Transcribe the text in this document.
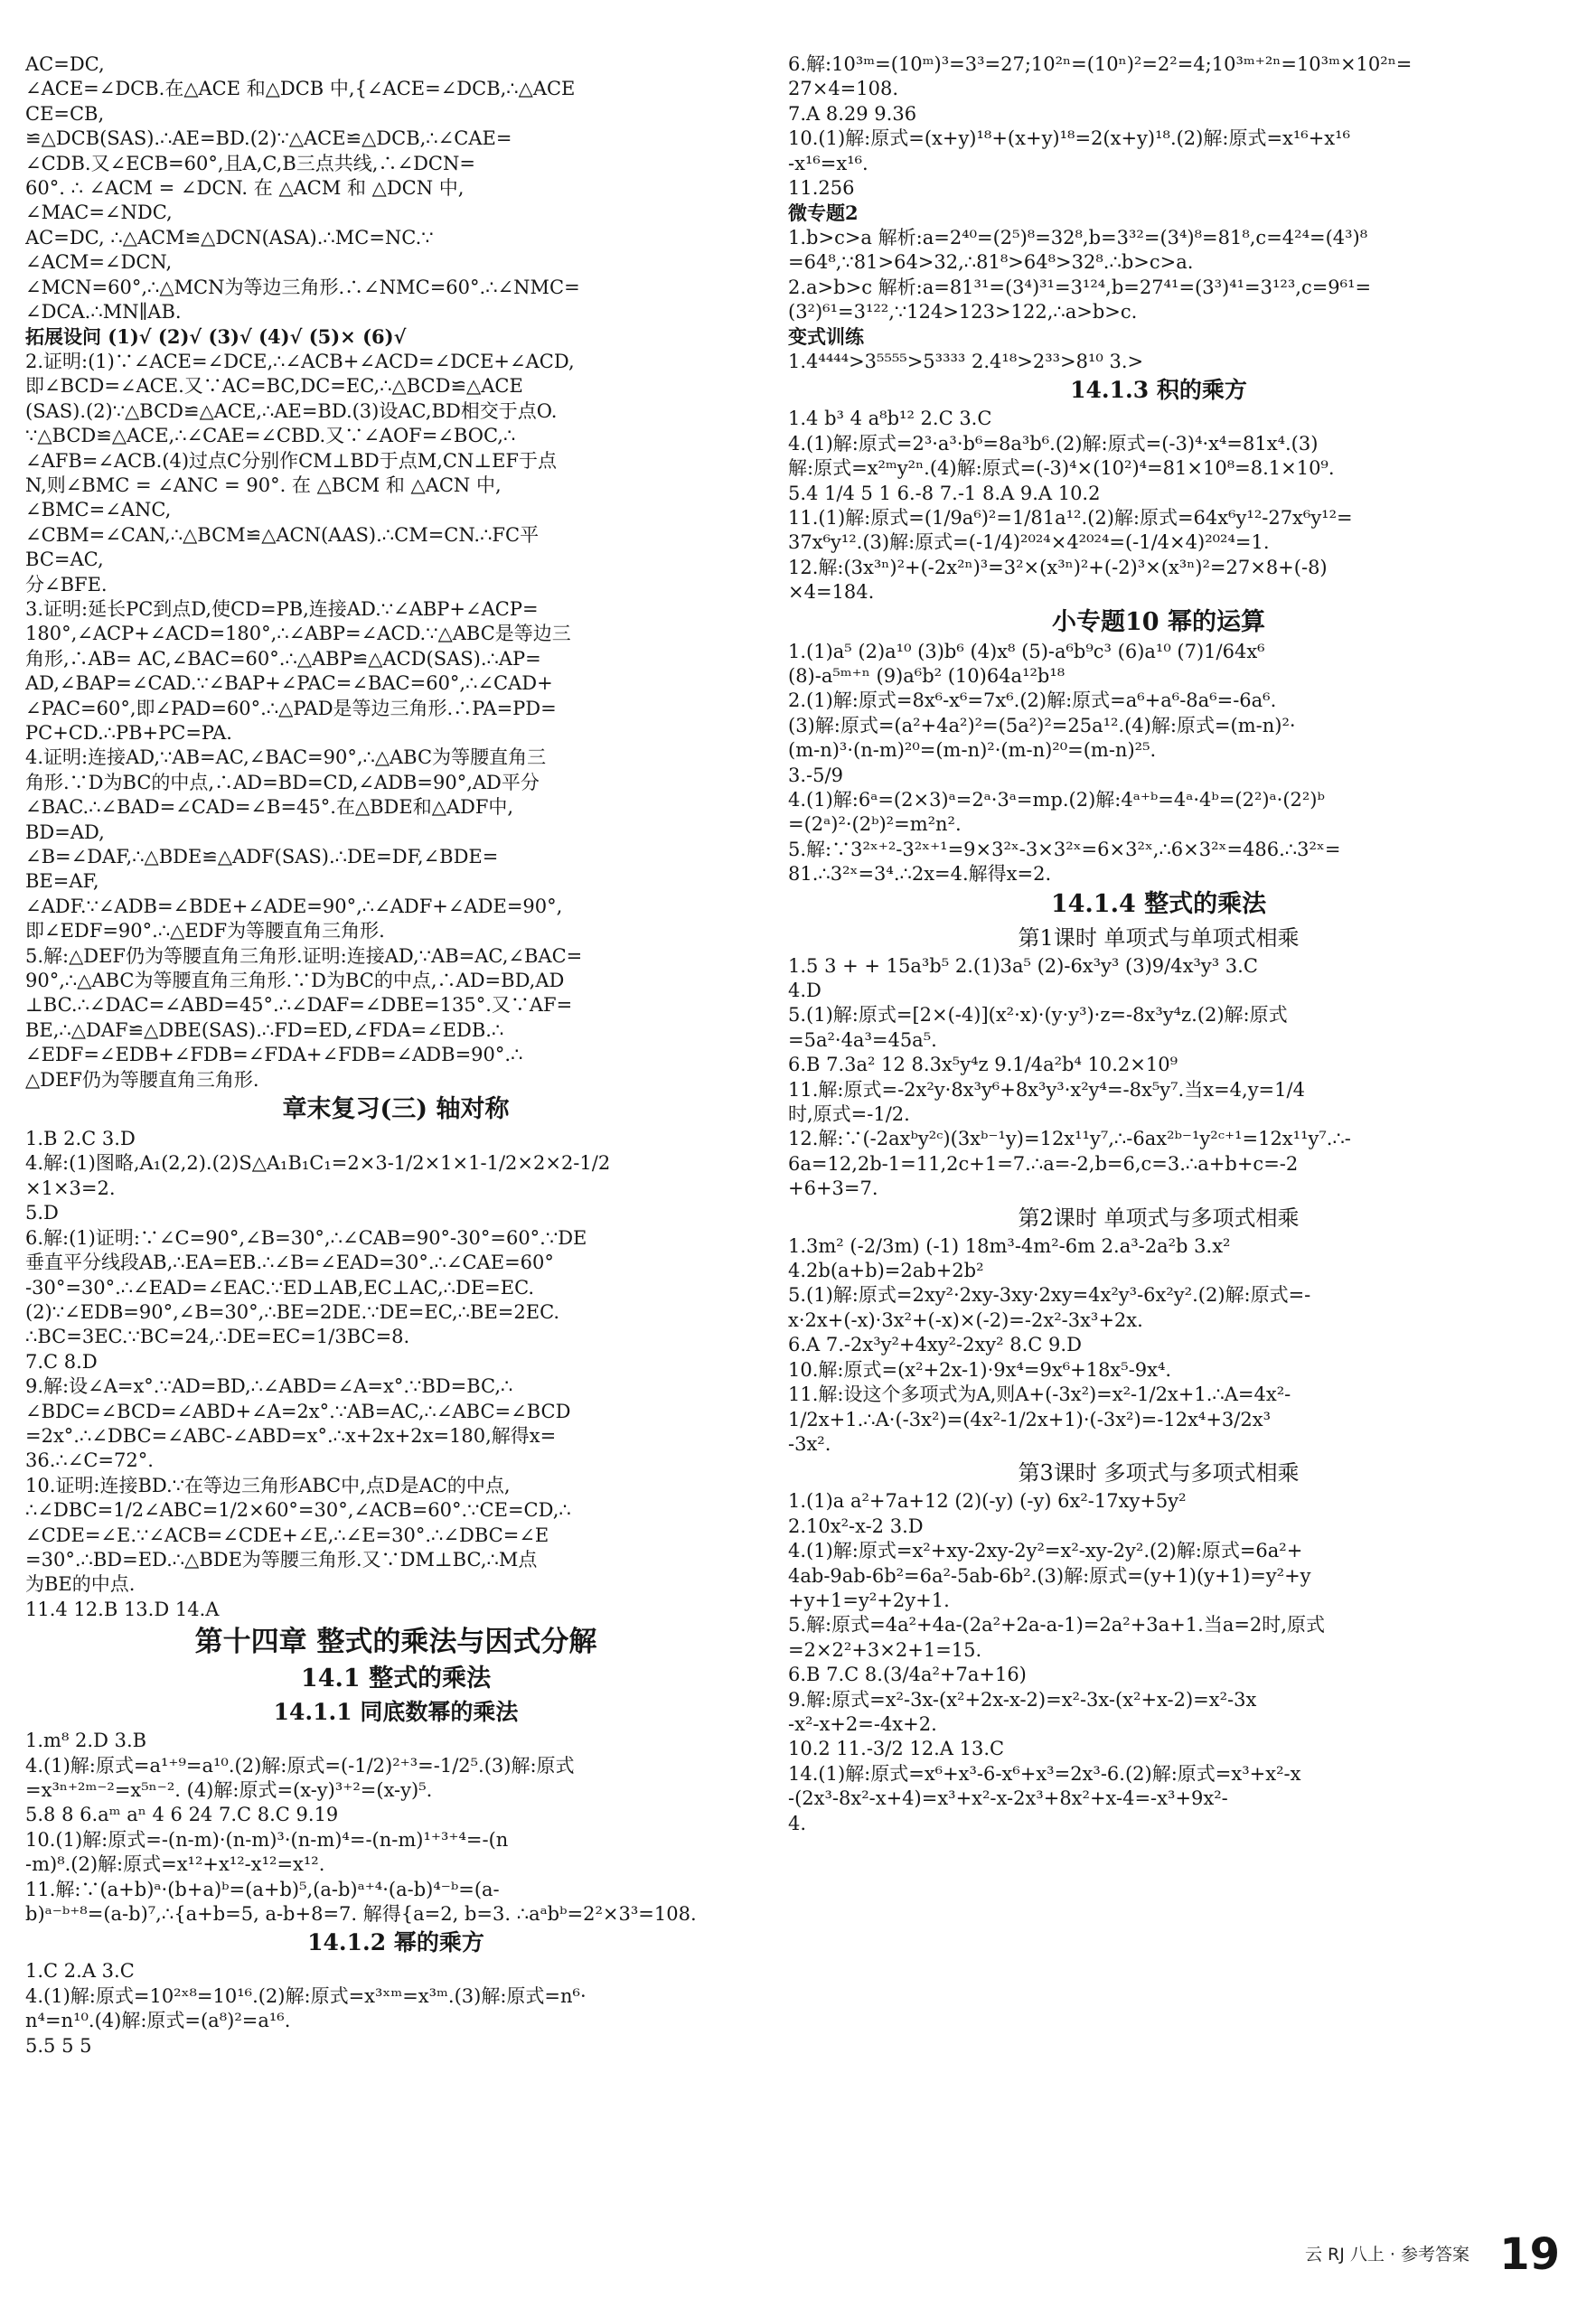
AC=DC,
∠ACE=∠DCB.在△ACE 和△DCB 中,{∠ACE=∠DCB,∴△ACE
CE=CB,
≌△DCB(SAS).∴AE=BD.(2)∵△ACE≌△DCB,∴∠CAE=
∠CDB.又∠ECB=60°,且A,C,B三点共线,∴∠DCN=
60°. ∴ ∠ACM = ∠DCN. 在 △ACM 和 △DCN 中,
∠MAC=∠NDC,
AC=DC, ∴△ACM≌△DCN(ASA).∴MC=NC.∵
∠ACM=∠DCN,
∠MCN=60°,∴△MCN为等边三角形.∴∠NMC=60°.∴∠NMC=
∠DCA.∴MN∥AB.
拓展设问 (1)√ (2)√ (3)√ (4)√ (5)× (6)√
2.证明:(1)∵∠ACE=∠DCE,∴∠ACB+∠ACD=∠DCE+∠ACD,
即∠BCD=∠ACE.又∵AC=BC,DC=EC,∴△BCD≌△ACE
(SAS).(2)∵△BCD≌△ACE,∴AE=BD.(3)设AC,BD相交于点O.
∵△BCD≌△ACE,∴∠CAE=∠CBD.又∵∠AOF=∠BOC,∴
∠AFB=∠ACB.(4)过点C分别作CM⊥BD于点M,CN⊥EF于点
N,则∠BMC = ∠ANC = 90°. 在 △BCM 和 △ACN 中,
∠BMC=∠ANC,
∠CBM=∠CAN,∴△BCM≌△ACN(AAS).∴CM=CN.∴FC平
BC=AC,
分∠BFE.
3.证明:延长PC到点D,使CD=PB,连接AD.∵∠ABP+∠ACP=
180°,∠ACP+∠ACD=180°,∴∠ABP=∠ACD.∵△ABC是等边三
角形,∴AB= AC,∠BAC=60°.∴△ABP≌△ACD(SAS).∴AP=
AD,∠BAP=∠CAD.∵∠BAP+∠PAC=∠BAC=60°,∴∠CAD+
∠PAC=60°,即∠PAD=60°.∴△PAD是等边三角形.∴PA=PD=
PC+CD.∴PB+PC=PA.
4.证明:连接AD,∵AB=AC,∠BAC=90°,∴△ABC为等腰直角三
角形.∵D为BC的中点,∴AD=BD=CD,∠ADB=90°,AD平分
∠BAC.∴∠BAD=∠CAD=∠B=45°.在△BDE和△ADF中,
BD=AD,
∠B=∠DAF,∴△BDE≌△ADF(SAS).∴DE=DF,∠BDE=
BE=AF,
∠ADF.∵∠ADB=∠BDE+∠ADE=90°,∴∠ADF+∠ADE=90°,
即∠EDF=90°.∴△EDF为等腰直角三角形.
5.解:△DEF仍为等腰直角三角形.证明:连接AD,∵AB=AC,∠BAC=
90°,∴△ABC为等腰直角三角形.∵D为BC的中点,∴AD=BD,AD
⊥BC.∴∠DAC=∠ABD=45°.∴∠DAF=∠DBE=135°.又∵AF=
BE,∴△DAF≌△DBE(SAS).∴FD=ED,∠FDA=∠EDB.∴
∠EDF=∠EDB+∠FDB=∠FDA+∠FDB=∠ADB=90°.∴
△DEF仍为等腰直角三角形.
章末复习(三) 轴对称
1.B 2.C 3.D
4.解:(1)图略,A₁(2,2).(2)S△A₁B₁C₁=2×3-1/2×1×1-1/2×2×2-1/2
×1×3=2.
5.D
6.解:(1)证明:∵∠C=90°,∠B=30°,∴∠CAB=90°-30°=60°.∵DE
垂直平分线段AB,∴EA=EB.∴∠B=∠EAD=30°.∴∠CAE=60°
-30°=30°.∴∠EAD=∠EAC.∵ED⊥AB,EC⊥AC,∴DE=EC.
(2)∵∠EDB=90°,∠B=30°,∴BE=2DE.∵DE=EC,∴BE=2EC.
∴BC=3EC.∵BC=24,∴DE=EC=1/3BC=8.
7.C 8.D
9.解:设∠A=x°.∵AD=BD,∴∠ABD=∠A=x°.∵BD=BC,∴
∠BDC=∠BCD=∠ABD+∠A=2x°.∵AB=AC,∴∠ABC=∠BCD
=2x°.∴∠DBC=∠ABC-∠ABD=x°.∴x+2x+2x=180,解得x=
36.∴∠C=72°.
10.证明:连接BD.∵在等边三角形ABC中,点D是AC的中点,
∴∠DBC=1/2∠ABC=1/2×60°=30°,∠ACB=60°.∵CE=CD,∴
∠CDE=∠E.∵∠ACB=∠CDE+∠E,∴∠E=30°.∴∠DBC=∠E
=30°.∴BD=ED.∴△BDE为等腰三角形.又∵DM⊥BC,∴M点
为BE的中点.
11.4 12.B 13.D 14.A
第十四章 整式的乘法与因式分解
14.1 整式的乘法
14.1.1 同底数幂的乘法
1.m⁸ 2.D 3.B
4.(1)解:原式=a¹⁺⁹=a¹⁰.(2)解:原式=(-1/2)²⁺³=-1/2⁵.(3)解:原式
=x³ⁿ⁺²ᵐ⁻²=x⁵ⁿ⁻². (4)解:原式=(x-y)³⁺²=(x-y)⁵.
5.8 8 6.aᵐ aⁿ 4 6 24 7.C 8.C 9.19
10.(1)解:原式=-(n-m)·(n-m)³·(n-m)⁴=-(n-m)¹⁺³⁺⁴=-(n
-m)⁸.(2)解:原式=x¹²+x¹²-x¹²=x¹².
11.解:∵(a+b)ᵃ·(b+a)ᵇ=(a+b)⁵,(a-b)ᵃ⁺⁴·(a-b)⁴⁻ᵇ=(a-
b)ᵃ⁻ᵇ⁺⁸=(a-b)⁷,∴{a+b=5, a-b+8=7. 解得{a=2, b=3. ∴aᵃbᵇ=2²×3³=108.
14.1.2 幂的乘方
1.C 2.A 3.C
4.(1)解:原式=10²ˣ⁸=10¹⁶.(2)解:原式=x³ˣᵐ=x³ᵐ.(3)解:原式=n⁶·
n⁴=n¹⁰.(4)解:原式=(a⁸)²=a¹⁶.
5.5 5 5
6.解:10³ᵐ=(10ᵐ)³=3³=27;10²ⁿ=(10ⁿ)²=2²=4;10³ᵐ⁺²ⁿ=10³ᵐ×10²ⁿ=
27×4=108.
7.A 8.29 9.36
10.(1)解:原式=(x+y)¹⁸+(x+y)¹⁸=2(x+y)¹⁸.(2)解:原式=x¹⁶+x¹⁶
-x¹⁶=x¹⁶.
11.256
微专题2
1.b>c>a 解析:a=2⁴⁰=(2⁵)⁸=32⁸,b=3³²=(3⁴)⁸=81⁸,c=4²⁴=(4³)⁸
=64⁸,∵81>64>32,∴81⁸>64⁸>32⁸.∴b>c>a.
2.a>b>c 解析:a=81³¹=(3⁴)³¹=3¹²⁴,b=27⁴¹=(3³)⁴¹=3¹²³,c=9⁶¹=
(3²)⁶¹=3¹²²,∵124>123>122,∴a>b>c.
变式训练
1.4⁴⁴⁴⁴>3⁵⁵⁵⁵>5³³³³ 2.4¹⁸>2³³>8¹⁰ 3.>
14.1.3 积的乘方
1.4 b³ 4 a⁸b¹² 2.C 3.C
4.(1)解:原式=2³·a³·b⁶=8a³b⁶.(2)解:原式=(-3)⁴·x⁴=81x⁴.(3)
解:原式=x²ᵐy²ⁿ.(4)解:原式=(-3)⁴×(10²)⁴=81×10⁸=8.1×10⁹.
5.4 1/4 5 1 6.-8 7.-1 8.A 9.A 10.2
11.(1)解:原式=(1/9a⁶)²=1/81a¹².(2)解:原式=64x⁶y¹²-27x⁶y¹²=
37x⁶y¹².(3)解:原式=(-1/4)²⁰²⁴×4²⁰²⁴=(-1/4×4)²⁰²⁴=1.
12.解:(3x³ⁿ)²+(-2x²ⁿ)³=3²×(x³ⁿ)²+(-2)³×(x³ⁿ)²=27×8+(-8)
×4=184.
小专题10 幂的运算
1.(1)a⁵ (2)a¹⁰ (3)b⁶ (4)x⁸ (5)-a⁶b⁹c³ (6)a¹⁰ (7)1/64x⁶
(8)-a⁵ᵐ⁺ⁿ (9)a⁶b² (10)64a¹²b¹⁸
2.(1)解:原式=8x⁶-x⁶=7x⁶.(2)解:原式=a⁶+a⁶-8a⁶=-6a⁶.
(3)解:原式=(a²+4a²)²=(5a²)²=25a¹².(4)解:原式=(m-n)²·
(m-n)³·(n-m)²⁰=(m-n)²·(m-n)²⁰=(m-n)²⁵.
3.-5/9
4.(1)解:6ᵃ=(2×3)ᵃ=2ᵃ·3ᵃ=mp.(2)解:4ᵃ⁺ᵇ=4ᵃ·4ᵇ=(2²)ᵃ·(2²)ᵇ
=(2ᵃ)²·(2ᵇ)²=m²n².
5.解:∵3²ˣ⁺²-3²ˣ⁺¹=9×3²ˣ-3×3²ˣ=6×3²ˣ,∴6×3²ˣ=486.∴3²ˣ=
81.∴3²ˣ=3⁴.∴2x=4.解得x=2.
14.1.4 整式的乘法
第1课时 单项式与单项式相乘
1.5 3 + + 15a³b⁵ 2.(1)3a⁵ (2)-6x³y³ (3)9/4x³y³ 3.C
4.D
5.(1)解:原式=[2×(-4)](x²·x)·(y·y³)·z=-8x³y⁴z.(2)解:原式
=5a²·4a³=45a⁵.
6.B 7.3a² 12 8.3x⁵y⁴z 9.1/4a²b⁴ 10.2×10⁹
11.解:原式=-2x²y·8x³y⁶+8x³y³·x²y⁴=-8x⁵y⁷.当x=4,y=1/4
时,原式=-1/2.
12.解:∵(-2axᵇy²ᶜ)(3xᵇ⁻¹y)=12x¹¹y⁷,∴-6ax²ᵇ⁻¹y²ᶜ⁺¹=12x¹¹y⁷.∴-
6a=12,2b-1=11,2c+1=7.∴a=-2,b=6,c=3.∴a+b+c=-2
+6+3=7.
第2课时 单项式与多项式相乘
1.3m² (-2/3m) (-1) 18m³-4m²-6m 2.a³-2a²b 3.x²
4.2b(a+b)=2ab+2b²
5.(1)解:原式=2xy²·2xy-3xy·2xy=4x²y³-6x²y².(2)解:原式=-
x·2x+(-x)·3x²+(-x)×(-2)=-2x²-3x³+2x.
6.A 7.-2x³y²+4xy²-2xy² 8.C 9.D
10.解:原式=(x²+2x-1)·9x⁴=9x⁶+18x⁵-9x⁴.
11.解:设这个多项式为A,则A+(-3x²)=x²-1/2x+1.∴A=4x²-
1/2x+1.∴A·(-3x²)=(4x²-1/2x+1)·(-3x²)=-12x⁴+3/2x³
-3x².
第3课时 多项式与多项式相乘
1.(1)a a²+7a+12 (2)(-y) (-y) 6x²-17xy+5y²
2.10x²-x-2 3.D
4.(1)解:原式=x²+xy-2xy-2y²=x²-xy-2y².(2)解:原式=6a²+
4ab-9ab-6b²=6a²-5ab-6b².(3)解:原式=(y+1)(y+1)=y²+y
+y+1=y²+2y+1.
5.解:原式=4a²+4a-(2a²+2a-a-1)=2a²+3a+1.当a=2时,原式
=2×2²+3×2+1=15.
6.B 7.C 8.(3/4a²+7a+16)
9.解:原式=x²-3x-(x²+2x-x-2)=x²-3x-(x²+x-2)=x²-3x
-x²-x+2=-4x+2.
10.2 11.-3/2 12.A 13.C
14.(1)解:原式=x⁶+x³-6-x⁶+x³=2x³-6.(2)解:原式=x³+x²-x
-(2x³-8x²-x+4)=x³+x²-x-2x³+8x²+x-4=-x³+9x²-
4.
云 RJ 八上 · 参考答案 19
